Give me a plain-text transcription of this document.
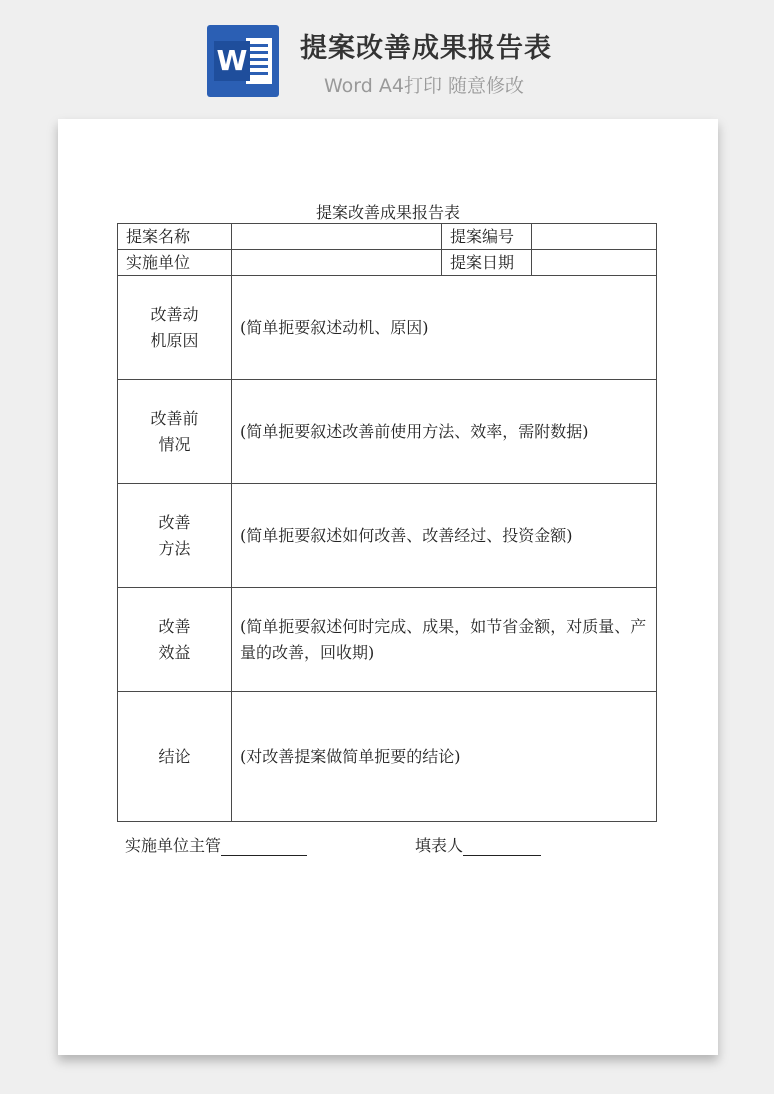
W 提案改善成果报告表
Word A4打印 随意修改
提案改善成果报告表
提案名称		提案编号	
实施单位		提案日期	
改善动
机原因	(简单扼要叙述动机、原因)		
改善前
情况	(简单扼要叙述改善前使用方法、效率，需附数据)		
改善
方法	(简单扼要叙述如何改善、改善经过、投资金额)		
改善
效益	(简单扼要叙述何时完成、成果，如节省金额，对质量、产量的改善，回收期)		
结论	(对改善提案做简单扼要的结论)		
实施单位主管	填表人
